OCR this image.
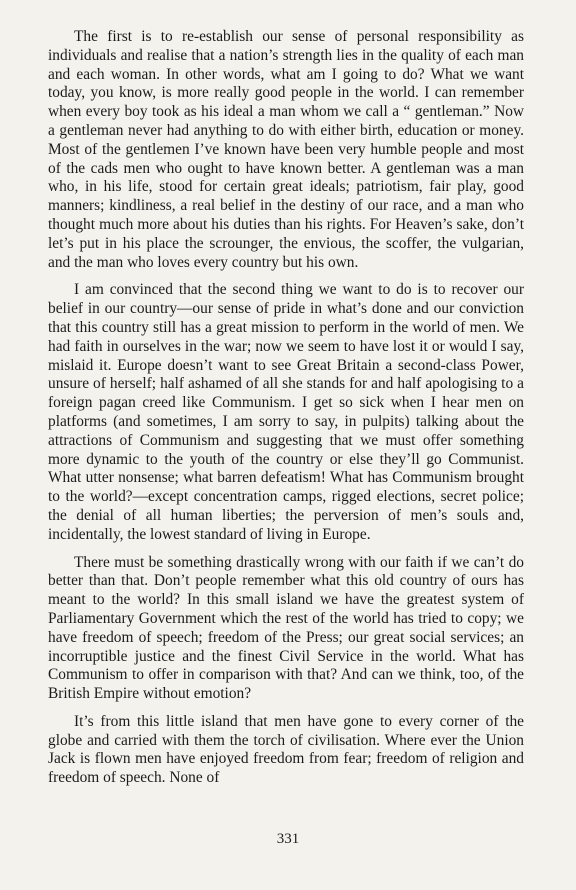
The first is to re-establish our sense of personal responsibility as individuals and realise that a nation’s strength lies in the quality of each man and each woman. In other words, what am I going to do? What we want today, you know, is more really good people in the world. I can remember when every boy took as his ideal a man whom we call a “ gentleman.” Now a gentleman never had anything to do with either birth, education or money. Most of the gentlemen I’ve known have been very humble people and most of the cads men who ought to have known better. A gentleman was a man who, in his life, stood for certain great ideals; patriotism, fair play, good manners; kindliness, a real belief in the destiny of our race, and a man who thought much more about his duties than his rights. For Heaven’s sake, don’t let’s put in his place the scrounger, the envious, the scoffer, the vulgarian, and the man who loves every country but his own.

I am convinced that the second thing we want to do is to recover our belief in our country—our sense of pride in what’s done and our conviction that this country still has a great mission to perform in the world of men. We had faith in ourselves in the war; now we seem to have lost it or would I say, mislaid it. Europe doesn’t want to see Great Britain a second-class Power, unsure of herself; half ashamed of all she stands for and half apologising to a foreign pagan creed like Communism. I get so sick when I hear men on platforms (and sometimes, I am sorry to say, in pulpits) talking about the attractions of Communism and suggesting that we must offer something more dynamic to the youth of the country or else they’ll go Communist. What utter nonsense; what barren defeatism! What has Communism brought to the world?—except concentration camps, rigged elections, secret police; the denial of all human liberties; the perversion of men’s souls and, incidentally, the lowest standard of living in Europe.

There must be something drastically wrong with our faith if we can’t do better than that. Don’t people remember what this old country of ours has meant to the world? In this small island we have the greatest system of Parliamentary Government which the rest of the world has tried to copy; we have freedom of speech; freedom of the Press; our great social services; an incorruptible justice and the finest Civil Service in the world. What has Communism to offer in comparison with that? And can we think, too, of the British Empire without emotion?

It’s from this little island that men have gone to every corner of the globe and carried with them the torch of civilisation. Where ever the Union Jack is flown men have enjoyed freedom from fear; freedom of religion and freedom of speech. None of

331
